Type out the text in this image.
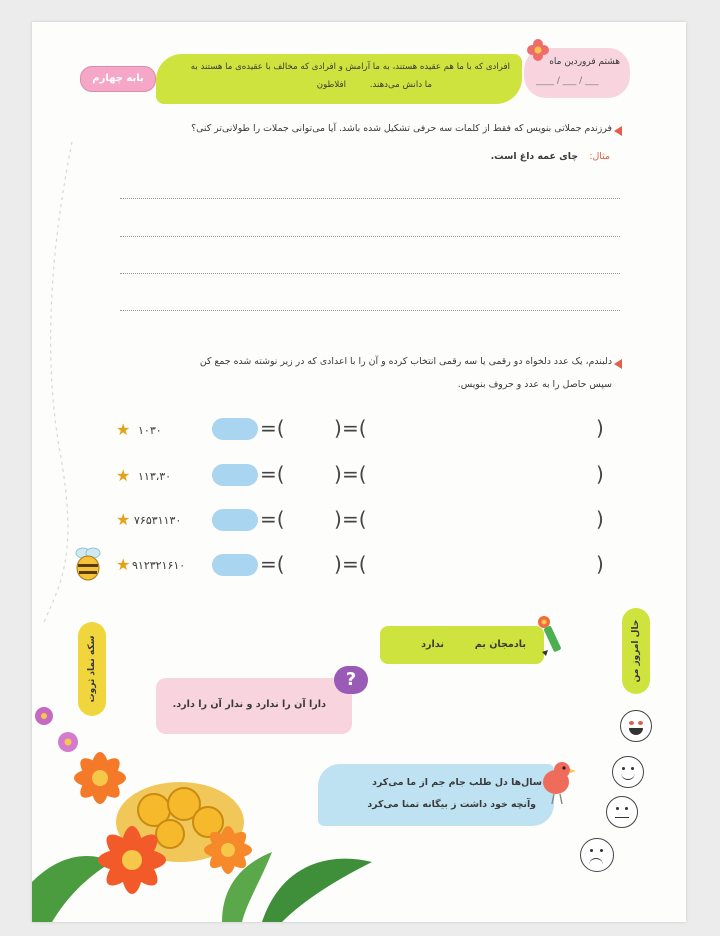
هشتم فروردین ماه
____ / ___ / ___
افرادی که با ما هم عقیده هستند، به ما آرامش و افرادی که مخالف با عقیده‌ی ما هستند به
ما دانش می‌دهند.
افلاطون
بابه چهارم
فرزندم جملاتی بنویس که فقط از کلمات سه حرفی تشکیل شده باشد. آیا می‌توانی جملات را طولانی‌تر کنی؟
مثال:
چای عمه داغ است.
دلبندم، یک عدد دلخواه دو رقمی یا سه رقمی انتخاب کرده و آن را با اعدادی که در زیر نوشته شده جمع کن
سپس حاصل را به عدد و حروف بنویس.
★ ۱۰۳۰	=( ) =(	)
★ ۱۱۳،۳۰	=( ) =(	)
★ ۷۶۵۳۱۱۳۰	=( ) =(	)
★ ۹۱۲۳۲۱۶۱۰	=( ) =(	)
سکه نماد ثروت	بادمجان بم
ندارد
دارا آن را ندارد و ندار آن را دارد.
?
سال‌ها دل طلب جام جم از ما می‌کرد
وآنچه خود داشت ز بیگانه تمنا می‌کرد
حال امروز من
